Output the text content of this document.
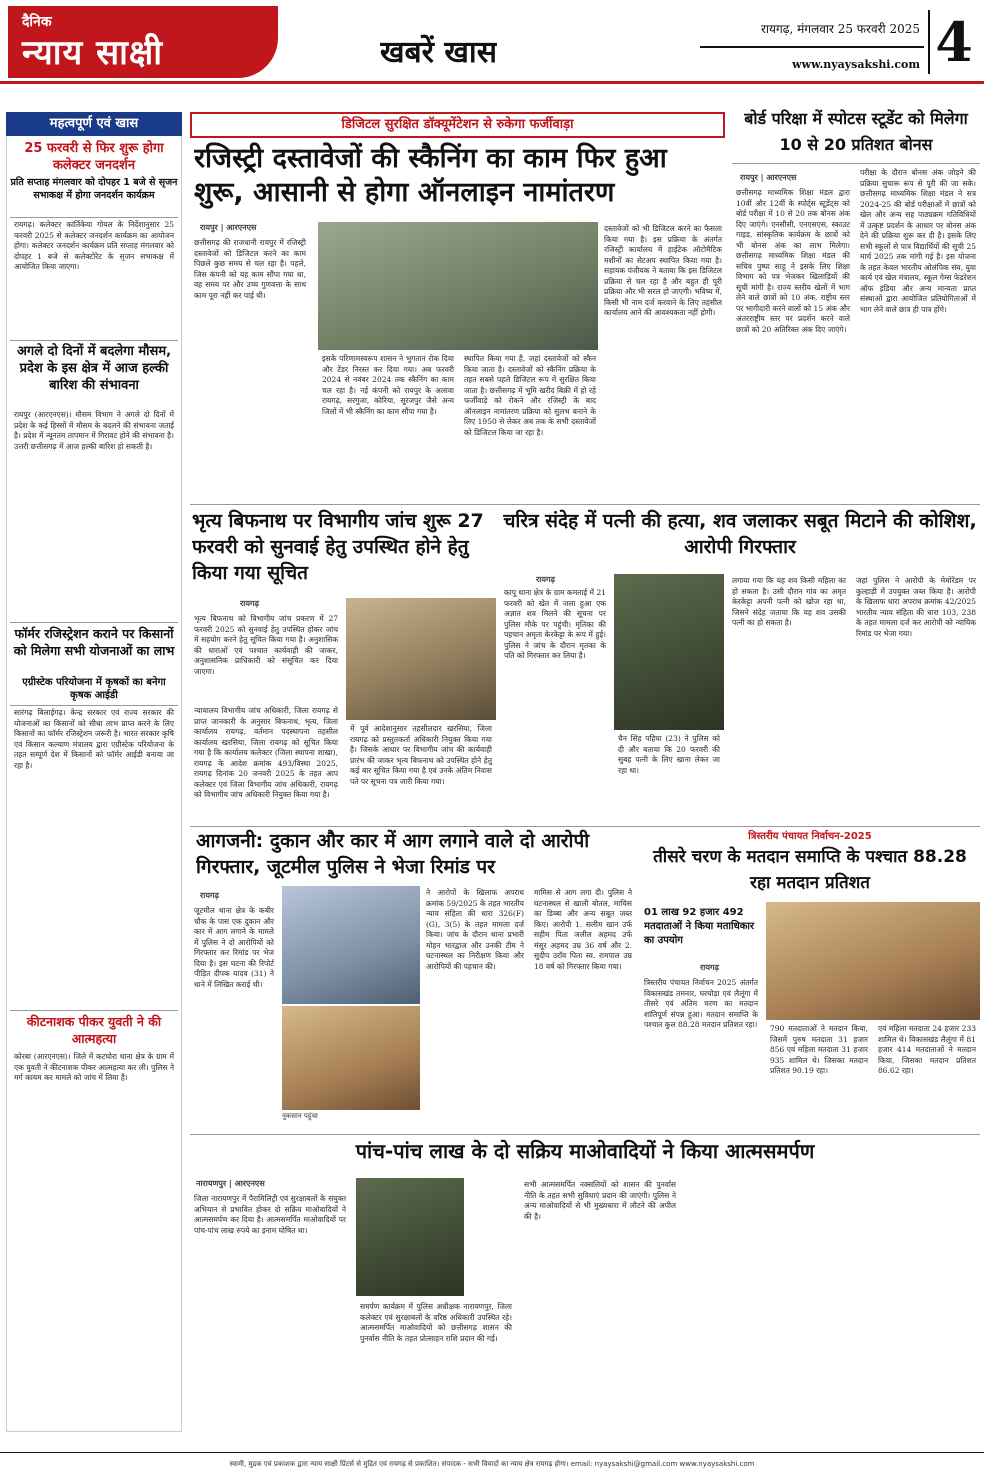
दैनिक
न्याय साक्षी	खबरें खास
रायगढ़, मंगलवार 25 फरवरी 2025
www.nyaysakshi.com 4
महत्वपूर्ण एवं खास
25 फरवरी से फिर शुरू होगा कलेक्टर जनदर्शन
प्रति सप्ताह मंगलवार को दोपहर 1 बजे से सृजन सभाकक्ष में होगा जनदर्शन कार्यक्रम
रायगढ़। कलेक्टर कार्तिकेया गोयल के निर्देशानुसार 25 फरवरी 2025 से कलेक्टर जनदर्शन कार्यक्रम का आयोजन होगा। कलेक्टर जनदर्शन कार्यक्रम प्रति सप्ताह मंगलवार को दोपहर 1 बजे से कलेक्टोरेट के सृजन सभाकक्ष में आयोजित किया जाएगा।
अगले दो दिनों में बदलेगा मौसम, प्रदेश के इस क्षेत्र में आज हल्की बारिश की संभावना
रायपुर (आरएनएस)। मौसम विभाग ने अगले दो दिनों में प्रदेश के कई हिस्सों में मौसम के बदलने की संभावना जताई है। प्रदेश में न्यूनतम तापमान में गिरावट होने की संभावना है। उत्तरी छत्तीसगढ़ में आज हल्की बारिश हो सकती है।
फॉर्मर रजिस्ट्रेशन कराने पर किसानों को मिलेगा सभी योजनाओं का लाभ
एग्रीस्टेक परियोजना में कृषकों का बनेगा कृषक आईडी
सारंगढ़ बिलाईगढ़। केन्द्र सरकार एवं राज्य सरकार की योजनाओं का किसानों को सीधा लाभ प्राप्त करने के लिए किसानों का फॉर्मर रजिस्ट्रेशन जरूरी है। भारत सरकार कृषि एवं किसान कल्याण मंत्रालय द्वारा एग्रीस्टेक परियोजना के तहत सम्पूर्ण देश में किसानों को फॉर्मर आईडी बनाया जा रहा है।
कीटनाशक पीकर युवती ने की आत्महत्या
कोरबा (आरएनएस)। जिले में कटघोरा थाना क्षेत्र के ग्राम में एक युवती ने कीटनाशक पीकर आत्महत्या कर ली। पुलिस ने मर्ग कायम कर मामले को जांच में लिया है।
डिजिटल सुरक्षित डॉक्यूमेंटेशन से रुकेगा फर्जीवाड़ा
रजिस्ट्री दस्तावेजों की स्कैनिंग का काम फिर हुआ शुरू, आसानी से होगा ऑनलाइन नामांतरण
रायपुर | आरएनएस
छत्तीसगढ़ की राजधानी रायपुर में रजिस्ट्री दस्तावेजों को डिजिटल करने का काम पिछले कुछ समय से चल रहा है। पहले, जिस कंपनी को यह काम सौंपा गया था, वह समय पर और उच्च गुणवत्ता के साथ काम पूरा नहीं कर पाई थी।
इसके परिणामस्वरूप शासन ने भुगतान रोक दिया और टेंडर निरस्त कर दिया गया। अब फरवरी 2024 से नवंबर 2024 तक स्कैनिंग का काम चल रहा है। नई कंपनी को रायपुर के अलावा रायगढ़, सरगुजा, कोरिया, सूरजपुर जैसे अन्य जिलों में भी स्कैनिंग का काम सौंपा गया है।
स्थापित किया गया है, जहां दस्तावेजों को स्कैन किया जाता है। दस्तावेजों को स्कैनिंग प्रक्रिया के तहत सबसे पहले डिजिटल रूप में सुरक्षित किया जाता है। छत्तीसगढ़ में भूमि खरीद बिक्री में हो रहे फर्जीवाड़े को रोकने और रजिस्ट्री के बाद ऑनलाइन नामांतरण प्रक्रिया को सुलभ बनाने के लिए 1950 से लेकर अब तक के सभी दस्तावेजों को डिजिटल किया जा रहा है।
दस्तावेजों को भी डिजिटल करने का फैसला किया गया है। इस प्रक्रिया के अंतर्गत रजिस्ट्री कार्यालय में हाईटेक ऑटोमैटिक मशीनों का सेटअप स्थापित किया गया है। सहायक पंजीयक ने बताया कि इस डिजिटल प्रक्रिया से चल रहा है और बहुत ही पूरी प्रक्रिया और भी सरल हो जाएगी। भविष्य में, किसी भी नाम दर्ज करवाने के लिए तहसील कार्यालय आने की आवश्यकता नहीं होगी।
बोर्ड परिक्षा में स्पोटस स्टूडेंट को मिलेगा 10 से 20 प्रतिशत बोनस
रायपुर | आरएनएस
छत्तीसगढ़ माध्यमिक शिक्षा मंडल द्वारा 10वीं और 12वीं के स्पोर्ट्स स्टूडेंट्स को बोर्ड परीक्षा में 10 से 20 तक बोनस अंक दिए जाएंगे। एनसीसी, एनएसएस, स्काउट गाइड, सांस्कृतिक कार्यक्रम के छात्रों को भी बोनस अंक का लाभ मिलेगा। छत्तीसगढ़ माध्यमिक शिक्षा मंडल की सचिव पुष्पा साहू ने इसके लिए शिक्षा विभाग को पत्र भेजकर खिलाड़ियों की सूची मांगी है। राज्य स्तरीय खेलों में भाग लेने वाले छात्रों को 10 अंक, राष्ट्रीय स्तर पर भागीदारी करने वालों को 15 अंक और अंतरराष्ट्रीय स्तर पर प्रदर्शन करने वाले छात्रों को 20 अतिरिक्त अंक दिए जाएंगे।
परीक्षा के दौरान बोनस अंक जोड़ने की प्रक्रिया सुचारू रूप से पूरी की जा सके। छत्तीसगढ़ माध्यमिक शिक्षा मंडल ने सत्र 2024-25 की बोर्ड परीक्षाओं में छात्रों को खेल और अन्य सह पाठ्यक्रम गतिविधियों में उत्कृष्ट प्रदर्शन के आधार पर बोनस अंक देने की प्रक्रिया शुरू कर दी है। इसके लिए सभी स्कूलों से पात्र विद्यार्थियों की सूची 25 मार्च 2025 तक मांगी गई है। इस योजना के तहत केवल भारतीय ओलंपिक संघ, युवा कार्य एवं खेल मंत्रालय, स्कूल गेम्स फेडरेशन ऑफ इंडिया और अन्य मान्यता प्राप्त संस्थाओं द्वारा आयोजित प्रतियोगिताओं में भाग लेने वाले छात्र ही पात्र होंगे।
भृत्य बिफनाथ पर विभागीय जांच शुरू 27 फरवरी को सुनवाई हेतु उपस्थित होने हेतु किया गया सूचित
रायगढ़
भृत्य बिफनाथ को विभागीय जांच प्रकरण में 27 फरवरी 2025 को सुनवाई हेतु उपस्थित होकर जांच में सहयोग करने हेतु सूचित किया गया है। अनुशासिक की धाराओं एवं पश्चात कार्यवाही की जाकर, अनुशासनिक प्राधिकारी को संसूचित कर दिया जाएगा।
न्यायालय विभागीय जांच अधिकारी, जिला रायगढ़ से प्राप्त जानकारी के अनुसार बिफनाथ, भृत्य, जिला कार्यालय रायगढ़, वर्तमान पदस्थापना तहसील कार्यालय खरसिया, जिला रायगढ़ को सूचित किया गया है कि कार्यालय कलेक्टर (जिला स्थापना शाखा), रायगढ़ के आदेश क्रमांक 493/विस्था 2025, रायगढ़ दिनांक 20 जनवरी 2025 के तहत आप कलेक्टर एवं जिला विभागीय जांच अधिकारी, रायगढ़ को विभागीय जांच अधिकारी नियुक्त किया गया है।
में पूर्व आदेशानुसार तहसीलदार खरसिया, जिला रायगढ़ को प्रस्तुतकर्ता अधिकारी नियुक्त किया गया है। जिसके आधार पर विभागीय जांच की कार्यवाही प्रारंभ की जाकर भृत्य बिफनाथ को उपस्थित होने हेतु कई बार सूचित किया गया है एवं उनके अंतिम निवास पते पर सूचना पत्र जारी किया गया।
चरित्र संदेह में पत्नी की हत्या, शव जलाकर सबूत मिटाने की कोशिश, आरोपी गिरफ्तार
रायगढ़
कापू थाना क्षेत्र के ग्राम कमताई में 21 फरवरी को खेत में जला हुआ एक अज्ञात शव मिलने की सूचना पर पुलिस मौके पर पहुंची। मृतिका की पहचान अमृता केरकेट्टा के रूप में हुई। पुलिस ने जांच के दौरान मृतका के पति को गिरफ्तार कर लिया है।
चैन सिंह पहिया (23) ने पुलिस को दी और बताया कि 20 फरवरी की सुबह पत्नी के लिए खाना लेकर जा रहा था।
लगाया गया कि यह शव किसी महिला का हो सकता है। उसी दौरान गांव का अमृत केरकेट्टा अपनी पत्नी को खोज रहा था, जिसने संदेह जताया कि यह शव उसकी पत्नी का हो सकता है।
जहां पुलिस ने आरोपी के मेमोरेंडम पर कुल्हाड़ी में उपयुक्त जब्त किया है। आरोपी के खिलाफ धारा अपराध क्रमांक 42/2025 भारतीय न्याय संहिता की धारा 103, 238 के तहत मामला दर्ज कर आरोपी को न्यायिक रिमांड पर भेजा गया।
आगजनी: दुकान और कार में आग लगाने वाले दो आरोपी गिरफ्तार, जूटमील पुलिस ने भेजा रिमांड पर
रायगढ़
जूटमील थाना क्षेत्र के कबीर चौक के पास एक दुकान और कार में आग लगाने के मामले में पुलिस ने दो आरोपियों को गिरफ्तार कर रिमांड पर भेज दिया है। इस घटना की रिपोर्ट पीड़ित दीपक यादव (31) ने थाने में लिखित कराई थी।
नुकसान पहुंचा
ने आरोपों के खिलाफ अपराध क्रमांक 59/2025 के तहत भारतीय न्याय संहिता की धारा 326(F)(G), 3(5) के तहत मामला दर्ज किया। जांच के दौरान थाना प्रभारी मोहन भारद्वाज और उनकी टीम ने घटनास्थल का निरीक्षण किया और आरोपियों की पहचान की।
मामिस से आग लगा दी। पुलिस ने घटनास्थल से खाली बोतल, माचिस का डिब्बा और अन्य सबूत जब्त किए। आरोपी 1. सलीम खान उर्फ सहीम पिता जलील अहमद उर्फ मंसूर अहमद उम्र 36 वर्ष और 2. सुदीप उराँव पिता स्व. रामपाल उम्र 18 वर्ष को गिरफ्तार किया गया।
त्रिस्तरीय पंचायत निर्वाचन-2025
तीसरे चरण के मतदान समाप्ति के पश्चात 88.28 रहा मतदान प्रतिशत
01 लाख 92 हजार 492 मतदाताओं ने किया मताधिकार का उपयोग
रायगढ़
त्रिस्तरीय पंचायत निर्वाचन 2025 अंतर्गत विकासखंड तमनार, घरघोड़ा एवं लैलूंगा में तीसरे एवं अंतिम चरण का मतदान शांतिपूर्ण संपन्न हुआ। मतदान समाप्ति के पश्चात कुल 88.28 मतदान प्रतिशत रहा।	790 मतदाताओं ने मतदान किया, जिसमें पुरुष मतदाता 31 हजार 856 एवं महिला मतदाता 31 हजार 935 शामिल थे। जिसका मतदान प्रतिशत 90.19 रहा।
एवं महिला मतदाता 24 हजार 233 शामिल थे। विकासखंड लैलूंगा में 81 हजार 414 मतदाताओं ने मतदान किया, जिसका मतदान प्रतिशत 86.62 रहा।
पांच-पांच लाख के दो सक्रिय माओवादियों ने किया आत्मसमर्पण
नारायणपुर | आरएनएस
जिला नारायणपुर में पैरामिलिट्री एवं सुरक्षाबलों के संयुक्त अभियान से प्रभावित होकर दो सक्रिय माओवादियों ने आत्मसमर्पण कर दिया है। आत्मसमर्पित माओवादियों पर पांच-पांच लाख रुपये का इनाम घोषित था।
समर्पण कार्यक्रम में पुलिस अधीक्षक नारायणपुर, जिला कलेक्टर एवं सुरक्षाबलों के वरिष्ठ अधिकारी उपस्थित रहे। आत्मसमर्पित माओवादियों को छत्तीसगढ़ शासन की पुनर्वास नीति के तहत प्रोत्साहन राशि प्रदान की गई।
सभी आत्मसमर्पित नक्सलियों को शासन की पुनर्वास नीति के तहत सभी सुविधाएं प्रदान की जाएंगी। पुलिस ने अन्य माओवादियों से भी मुख्यधारा में लौटने की अपील की है।
स्वामी, मुद्रक एवं प्रकाशक द्वारा न्याय साक्षी प्रिंटर्स से मुद्रित एवं रायगढ़ से प्रकाशित। संपादक - सभी विवादों का न्याय क्षेत्र रायगढ़ होगा। email: nyaysakshi@gmail.com www.nyaysakshi.com
